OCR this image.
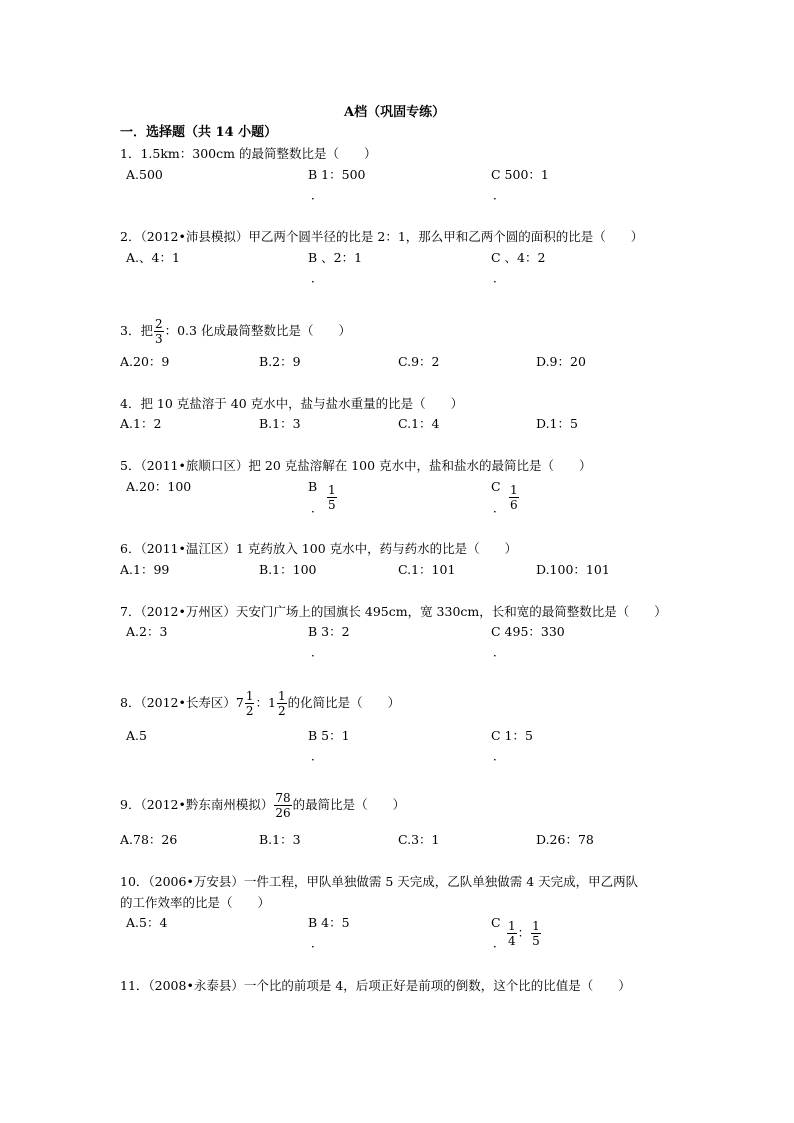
A档（巩固专练）
一．选择题（共 14 小题）
1．1.5km：300cm 的最简整数比是（　　）
A.500	B 1：500	C 500：1
．	．
2．（2012•沛县模拟）甲乙两个圆半径的比是 2：1，那么甲和乙两个圆的面积的比是（　　）
A.、4：1	B 、2：1	C 、4：2
．	．
3．把 $\frac{2}{3}$ ：0.3 化成最简整数比是（　　）
A.20：9	B.2：9	C.9：2	D.9：20
4．把 10 克盐溶于 40 克水中，盐与盐水重量的比是（　　）
A.1：2	B.1：3	C.1：4	D.1：5
5．（2011•旅顺口区）把 20 克盐溶解在 100 克水中，盐和盐水的最简比是（　　）
A.20：100	B $\frac{1}{5}$	C $\frac{1}{6}$
．	．
6．（2011•温江区）1 克药放入 100 克水中，药与药水的比是（　　）
A.1：99	B.1：100	C.1：101	D.100：101
7．（2012•万州区）天安门广场上的国旗长 495cm，宽 330cm，长和宽的最简整数比是（　　）
A.2：3	B 3：2	C 495：330
．	．
8．（2012•长寿区）$7 \frac{1}{2}$ ：$1 \frac{1}{2}$ 的化简比是（　　）
A.5	B 5：1	C 1：5
．	．
9．（2012•黔东南州模拟） $\frac{78}{26}$ 的最简比是（　　）
A.78：26	B.1：3	C.3：1	D.26：78
10．（2006•万安县）一件工程，甲队单独做需 5 天完成，乙队单独做需 4 天完成，甲乙两队
的工作效率的比是（　　）
A.5：4	B 4：5	C $\frac{1}{4}$ ： $\frac{1}{5}$
．	．
11．（2008•永泰县）一个比的前项是 4，后项正好是前项的倒数，这个比的比值是（　　）
